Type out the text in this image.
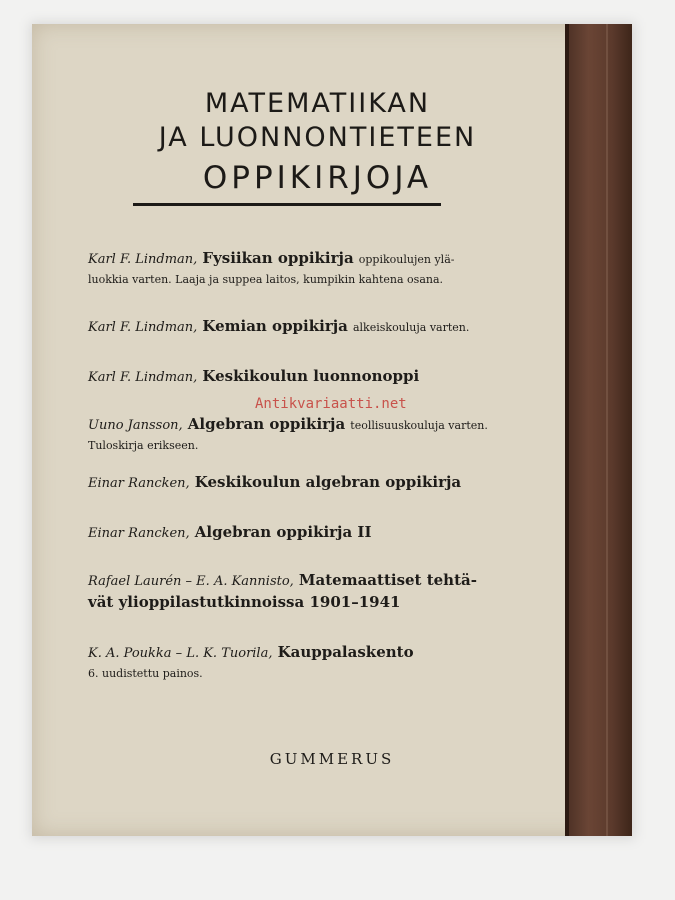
GUMMERUS
MATEMATIIKAN
JA LUONNONTIETEEN
OPPIKIRJOJA
Karl F. Lindman, Fysiikan oppikirja oppikoulujen ylä-
luokkia varten. Laaja ja suppea laitos, kumpikin kahtena osana.
Karl F. Lindman, Kemian oppikirja alkeiskouluja varten.
Karl F. Lindman, Keskikoulun luonnonoppi
Uuno Jansson, Algebran oppikirja teollisuuskouluja varten.
Tuloskirja erikseen.
Einar Rancken, Keskikoulun algebran oppikirja
Einar Rancken, Algebran oppikirja II
Rafael Laurén – E. A. Kannisto, Matemaattiset tehtä-
vät ylioppilastutkinnoissa 1901–1941
K. A. Poukka – L. K. Tuorila, Kauppalaskento
6. uudistettu painos.
Antikvariaatti.net
